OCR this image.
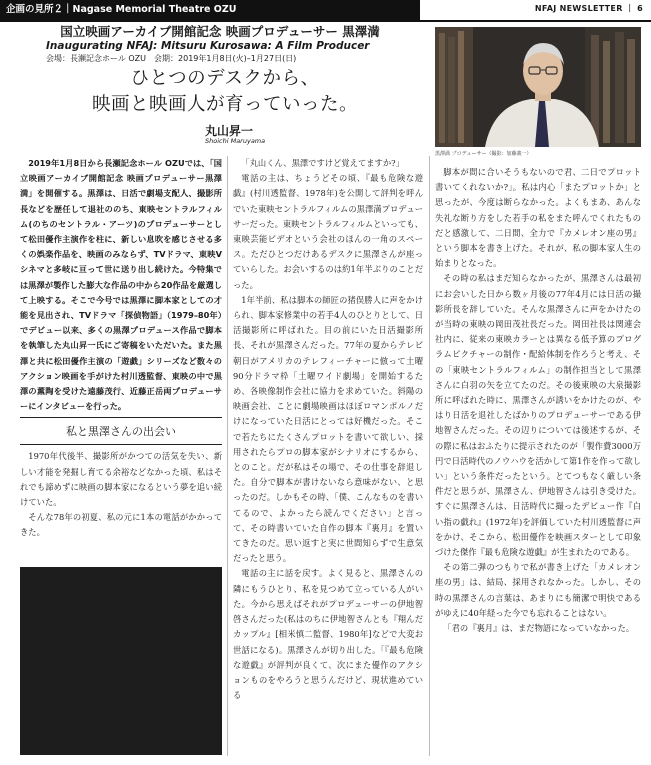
企画の見所２｜Nagase Memorial Theatre OZU	NFAJ NEWSLETTER ｜ 6
国立映画アーカイブ開館記念 映画プロデューサー 黒澤満
Inaugurating NFAJ: Mitsuru Kurosawa: A Film Producer
会場：長瀬記念ホール OZU　会期：2019年1月8日(火)–1月27日(日)
ひとつのデスクから、
映画と映画人が育っていった。
丸山昇一
Shoichi Maruyama
黒澤満 プロデューサー（撮影：加藤義一）

2019年1月8日から長瀬記念ホール OZUでは、「国立映画アーカイブ開館記念 映画プロデューサー黒澤満」を開催する。黒澤は、日活で劇場支配人、撮影所長などを歴任して退社ののち、東映セントラルフィルム(のちのセントラル・アーツ)のプロデューサーとして松田優作主演作を柱に、新しい息吹を感じさせる多くの娯楽作品を、映画のみならず、TVドラマ、東映Vシネマと多岐に亘って世に送り出し続けた。今特集では黒澤が製作した膨大な作品の中から20作品を厳選して上映する。そこで今号では黒澤に脚本家としての才能を見出され、TVドラマ「探偵物語」（1979–80年）でデビュー以来、多くの黒澤プロデュース作品で脚本を執筆した丸山昇一氏にご寄稿をいただいた。また黒澤と共に松田優作主演の「遊戯」シリーズなど数々のアクション映画を手がけた村川透監督、東映の中で黒澤の薫陶を受けた遠藤茂行、近藤正岳両プロデューサーにインタビューを行った。

私と黒澤さんの出会い

1970年代後半、撮影所がかつての活気を失い、新しい才能を発掘し育てる余裕などなかった頃、私はそれでも諦めずに映画の脚本家になるという夢を追い続けていた。

そんな78年の初夏、私の元に1本の電話がかかってきた。

「丸山くん、黒澤ですけど覚えてますか?」

電話の主は、ちょうどその頃、『最も危険な遊戯』(村川透監督、1978年)を公開して評判を呼んでいた東映セントラルフィルムの黒澤満プロデューサーだった。東映セントラルフィルムといっても、東映芸能ビデオという会社のほんの一角のスペース。ただひとつだけあるデスクに黒澤さんが座っていらした。お会いするのは約1年半ぶりのことだった。

1年半前、私は脚本の師匠の猪俣勝人に声をかけられ、脚本家修業中の若手4人のひとりとして、日活撮影所に呼ばれた。目の前にいた日活撮影所長、それが黒澤さんだった。77年の夏からテレビ朝日がアメリカのテレフィーチャーに倣って土曜90分ドラマ枠「土曜ワイド劇場」を開始するため、各映像制作会社に協力を求めていた。斜陽の映画会社、ことに劇場映画はほぼロマンポルノだけになっていた日活にとっては好機だった。そこで若たちにたくさんプロットを書いて欲しい、採用されたらプロの脚本家がシナリオにするから、とのこと。だが私はその場で、その仕事を辞退した。自分で脚本が書けないなら意味がない、と思ったのだ。しかもその時、「僕、こんなものを書いてるので、よかったら読んでください」と言って、その時書いていた自作の脚本『裏月』を置いてきたのだ。思い返すと実に世間知らずで生意気だったと思う。

電話の主に話を戻す。よく見ると、黒澤さんの隣にもうひとり、私を見つめて立っている人がいた。今から思えばそれがプロデューサーの伊地智啓さんだった(私はのちに伊地智さんとも『翔んだカップル』[相米慎二監督、1980年]などで大変お世話になる)。黒澤さんが切り出した。「『最も危険な遊戯』が評判が良くて、次にまた優作のアクションものをやろうと思うんだけど、現状進めている

脚本が間に合いそうもないので君、二日でプロット書いてくれないか?」。私は内心「またプロットか」と思ったが、今度は断らなかった。よくもまあ、あんな失礼な断り方をした若手の私をまた呼んでくれたものだと感激して、二日間、全力で『カメレオン座の男』という脚本を書き上げた。それが、私の脚本家人生の始まりとなった。

その時の私はまだ知らなかったが、黒澤さんは最初にお会いした日から数ヶ月後の77年4月には日活の撮影所長を辞していた。そんな黒澤さんに声をかけたのが当時の東映の岡田茂社長だった。岡田社長は関連会社内に、従来の東映カラーとは異なる低予算のプログラムピクチャーの制作・配給体制を作ろうと考え、その「東映セントラルフィルム」の制作担当として黒澤さんに白羽の矢を立てたのだ。その後東映の大泉撮影所に呼ばれた時に、黒澤さんが誘いをかけたのが、やはり日活を退社したばかりのプロデューサーである伊地智さんだった。その辺りについては後述するが、その際に私はおふたりに提示されたのが「製作費3000万円で日活時代のノウハウを活かして第1作を作って欲しい」という条件だったという。とてつもなく厳しい条件だと思うが、黒澤さん、伊地智さんは引き受けた。すぐに黒澤さんは、日活時代に撮ったデビュー作『白い指の戯れ』(1972年)を評価していた村川透監督に声をかけ、そこから、松田優作を映画スターとして印象づけた傑作『最も危険な遊戯』が生まれたのである。

その第二弾のつもりで私が書き上げた「カメレオン座の男」は、結局、採用されなかった。しかし、その時の黒澤さんの言葉は、あまりにも簡潔で明快であるがゆえに40年経った今でも忘れることはない。

「君の『裏月』は、まだ物語になっていなかった。
